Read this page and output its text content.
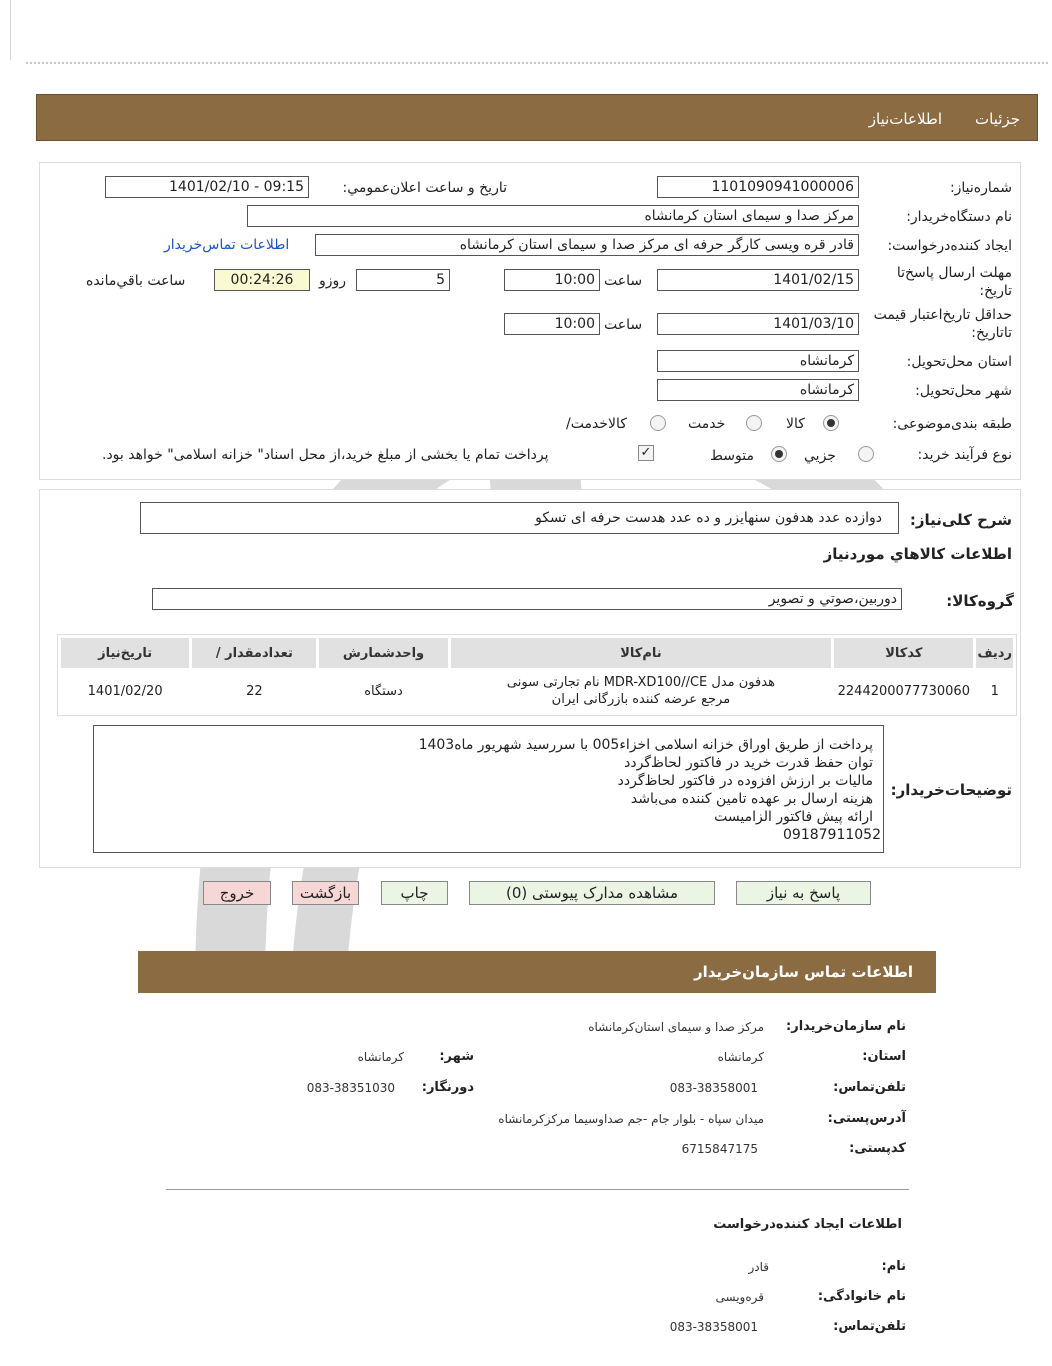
جزئيات
اطلاعات‌نیاز
شماره‌نیاز:
1101090941000006
تاريخ و ساعت اعلان‌عمومي:
1401/02/10 - 09:15
نام دستگاه‌خريدار:
مرکز صدا و سیمای استان کرمانشاه
ايجاد كننده‌درخواست:
قادر قره ویسی کارگر حرفه ای مرکز صدا و سیمای استان کرمانشاه
اطلاعات تماس‌خريدار
مهلت ارسال پاسخ‌تا تاريخ:
1401/02/15
ساعت
10:00
5
روزو
00:24:26
ساعت باقي‌مانده
حداقل تاريخ‌اعتبار قيمت تا‌تاريخ:
1401/03/10
ساعت
10:00
استان محل‌تحويل:
کرمانشاه
شهر محل‌تحويل:
کرمانشاه
طبقه بندی‌موضوعی:
کالا
خدمت
کالا‌خدمت/
نوع فرآيند خريد:
جزيي
متوسط
✓
پرداخت تمام يا بخشی از مبلغ خريد،از محل اسناد" خزانه اسلامی" خواهد بود.
شرح کلی‌نياز:
دوازده عدد هدفون سنهایزر و ده عدد هدست حرفه ای تسکو
اطلاعات کالاهاي موردنياز
گروه‌کالا:
دوربين،صوتي و تصوير
رديف	کدکالا	نام‌کالا	واحدشمارش	تعدادمقدار /	تاريخ‌نياز
1	2244200077730060	هدفون مدل MDR-XD100//CE نام تجارتی سونی
مرجع عرضه کننده بازرگانی ایران	دستگاه	22	1401/02/20
توضيحات‌خريدار:
پرداخت از طریق اوراق خزانه اسلامی اخزاء005 با سررسید شهریور ماه1403
توان حفظ قدرت خرید در فاکتور لحاظ‌گردد
مالیات بر ارزش افزوده در فاکتور لحاظ‌گردد
هزینه ارسال بر عهده تامین کننده می‌باشد
ارائه پیش فاکتور الزامیست
09187911052
پاسخ به نياز
مشاهده مدارک پیوستی (0)
چاپ
بازگشت
خروج
اطلاعات تماس سازمان‌خريدار
نام سازمان‌خريدار:
مرکز صدا و سیمای استان‌کرمانشاه
استان:
کرمانشاه
شهر:
کرمانشاه
تلفن‌تماس:
083-38358001
دورنگار:
083-38351030
آدرس‌پستی:
میدان سپاه - بلوار جام -جم صداوسیما مرکزکرمانشاه
کدپستی:
6715847175
اطلاعات ايجاد کننده‌درخواست
نام:
قادر
نام خانوادگی:
قره‌ویسی
تلفن‌تماس:
083-38358001
